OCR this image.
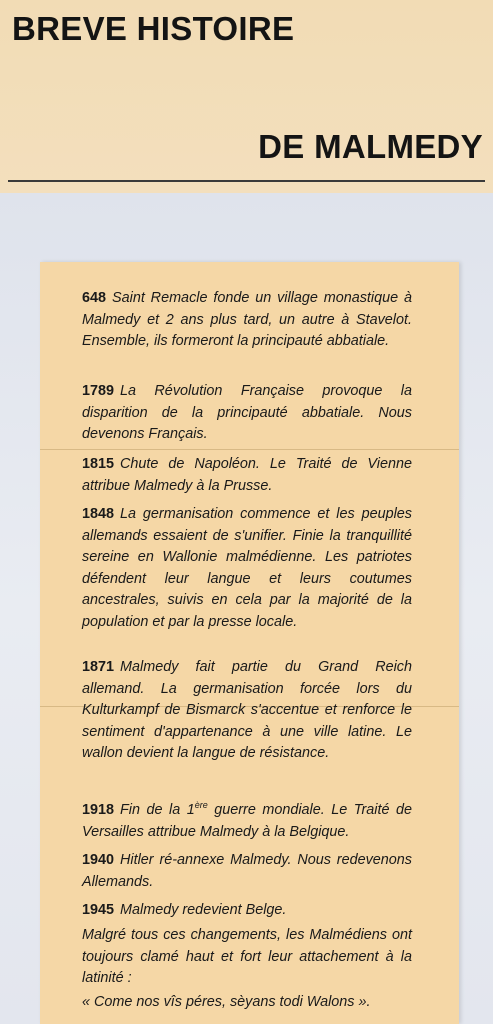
BREVE HISTOIRE
DE MALMEDY
648 Saint Remacle fonde un village monastique à Malmedy et 2 ans plus tard, un autre à Stavelot. Ensemble, ils formeront la principauté abbatiale.
1789 La Révolution Française provoque la disparition de la principauté abbatiale. Nous devenons Français.
1815 Chute de Napoléon. Le Traité de Vienne attribue Malmedy à la Prusse.
1848 La germanisation commence et les peuples allemands essaient de s'unifier. Finie la tranquillité sereine en Wallonie malmédienne. Les patriotes défendent leur langue et leurs coutumes ancestrales, suivis en cela par la majorité de la population et par la presse locale.
1871 Malmedy fait partie du Grand Reich allemand. La germanisation forcée lors du Kulturkampf de Bismarck s'accentue et renforce le sentiment d'appartenance à une ville latine. Le wallon devient la langue de résistance.
1918 Fin de la 1ère guerre mondiale. Le Traité de Versailles attribue Malmedy à la Belgique.
1940 Hitler ré-annexe Malmedy. Nous redevenons Allemands.
1945 Malmedy redevient Belge.
Malgré tous ces changements, les Malmédiens ont toujours clamé haut et fort leur attachement à la latinité :
« Come nos vîs péres, sèyans todi Walons ».
